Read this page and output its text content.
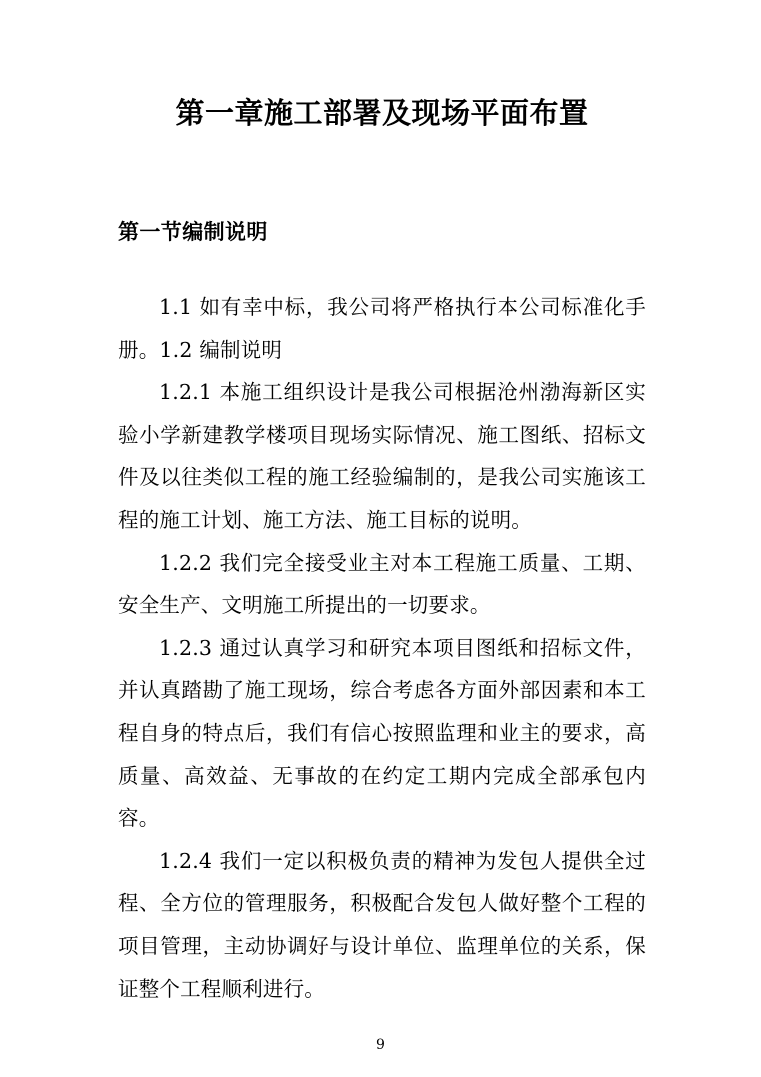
第一章施工部署及现场平面布置
第一节编制说明

1.1 如有幸中标，我公司将严格执行本公司标准化手册。1.2 编制说明

1.2.1 本施工组织设计是我公司根据沧州渤海新区实验小学新建教学楼项目现场实际情况、施工图纸、招标文件及以往类似工程的施工经验编制的，是我公司实施该工程的施工计划、施工方法、施工目标的说明。

1.2.2 我们完全接受业主对本工程施工质量、工期、安全生产、文明施工所提出的一切要求。

1.2.3 通过认真学习和研究本项目图纸和招标文件，并认真踏勘了施工现场，综合考虑各方面外部因素和本工程自身的特点后，我们有信心按照监理和业主的要求，高质量、高效益、无事故的在约定工期内完成全部承包内容。

1.2.4 我们一定以积极负责的精神为发包人提供全过程、全方位的管理服务，积极配合发包人做好整个工程的项目管理，主动协调好与设计单位、监理单位的关系，保证整个工程顺利进行。

9
